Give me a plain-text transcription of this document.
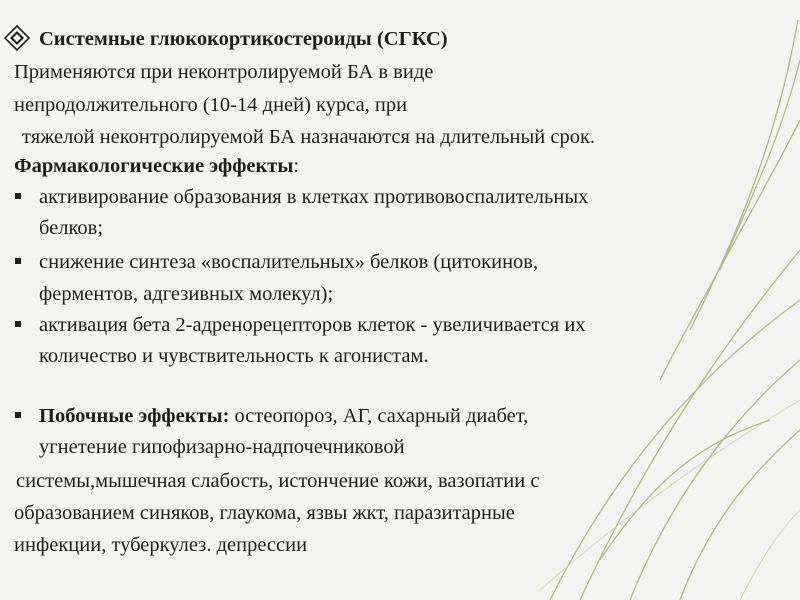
Системные глюкокортикостероиды (СГКС)
Применяются при неконтролируемой БА в виде
непродолжительного (10-14 дней) курса, при
тяжелой неконтролируемой БА назначаются на длительный срок.
Фармакологические эффекты:
активирование образования в клетках противовоспалительных
белков;
снижение синтеза «воспалительных» белков (цитокинов,
ферментов, адгезивных молекул);
активация бета 2-адренорецепторов клеток - увеличивается их
количество и чувствительность к агонистам.
Побочные эффекты: остеопороз, АГ, сахарный диабет,
угнетение гипофизарно-надпочечниковой
системы,мышечная слабость, истончение кожи, вазопатии с
образованием синяков, глаукома, язвы жкт, паразитарные
инфекции, туберкулез. депрессии
